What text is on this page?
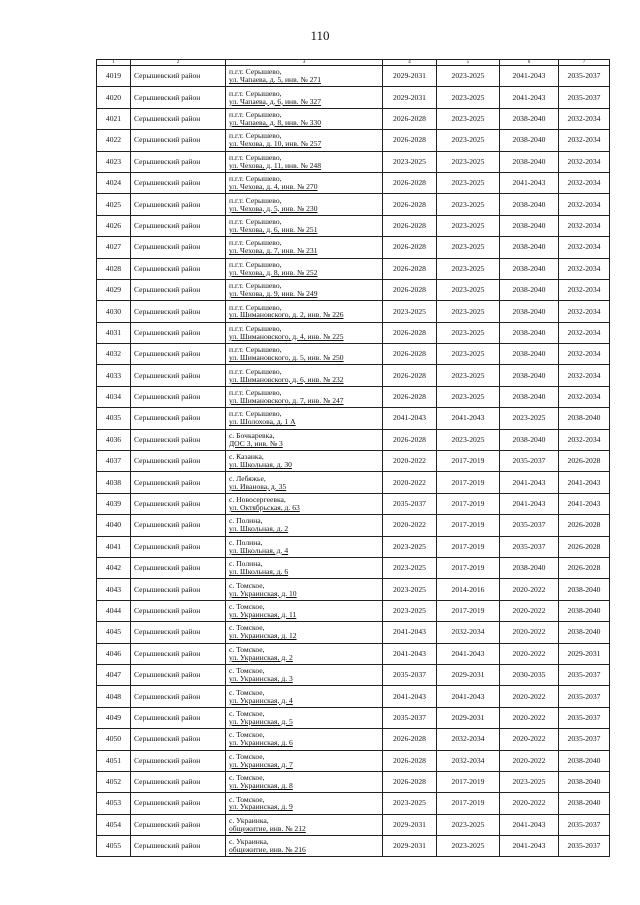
110
1	2	3	4	5	6	7
4019	Серышевский район	п.г.т. Серышево,
ул. Чапаева, д. 5, инв. № 271	2029-2031	2023-2025	2041-2043	2035-2037
4020	Серышевский район	п.г.т. Серышево,
ул. Чапаева, д. 6, инв. № 327	2029-2031	2023-2025	2041-2043	2035-2037
4021	Серышевский район	п.г.т. Серышево,
ул. Чапаева, д. 8, инв. № 330	2026-2028	2023-2025	2038-2040	2032-2034
4022	Серышевский район	п.г.т. Серышево,
ул. Чехова, д. 10, инв. № 257	2026-2028	2023-2025	2038-2040	2032-2034
4023	Серышевский район	п.г.т. Серышево,
ул. Чехова, д. 11, инв. № 248	2023-2025	2023-2025	2038-2040	2032-2034
4024	Серышевский район	п.г.т. Серышево,
ул. Чехова, д. 4, инв. № 270	2026-2028	2023-2025	2041-2043	2032-2034
4025	Серышевский район	п.г.т. Серышево,
ул. Чехова, д. 5, инв. № 230	2026-2028	2023-2025	2038-2040	2032-2034
4026	Серышевский район	п.г.т. Серышево,
ул. Чехова, д. 6, инв. № 251	2026-2028	2023-2025	2038-2040	2032-2034
4027	Серышевский район	п.г.т. Серышево,
ул. Чехова, д. 7, инв. № 231	2026-2028	2023-2025	2038-2040	2032-2034
4028	Серышевский район	п.г.т. Серышево,
ул. Чехова, д. 8, инв. № 252	2026-2028	2023-2025	2038-2040	2032-2034
4029	Серышевский район	п.г.т. Серышево,
ул. Чехова, д. 9, инв. № 249	2026-2028	2023-2025	2038-2040	2032-2034
4030	Серышевский район	п.г.т. Серышево,
ул. Шимановского, д. 2, инв. № 226	2023-2025	2023-2025	2038-2040	2032-2034
4031	Серышевский район	п.г.т. Серышево,
ул. Шимановского, д. 4, инв. № 225	2026-2028	2023-2025	2038-2040	2032-2034
4032	Серышевский район	п.г.т. Серышево,
ул. Шимановского, д. 5, инв. № 250	2026-2028	2023-2025	2038-2040	2032-2034
4033	Серышевский район	п.г.т. Серышево,
ул. Шимановского, д. 6, инв. № 232	2026-2028	2023-2025	2038-2040	2032-2034
4034	Серышевский район	п.г.т. Серышево,
ул. Шимановского, д. 7, инв. № 247	2026-2028	2023-2025	2038-2040	2032-2034
4035	Серышевский район	п.г.т. Серышево,
ул. Шолохова, д. 1 А	2041-2043	2041-2043	2023-2025	2038-2040
4036	Серышевский район	с. Бочкаревка,
ДОС 3, инв. № 3	2026-2028	2023-2025	2038-2040	2032-2034
4037	Серышевский район	с. Казанка,
ул. Школьная, д. 30	2020-2022	2017-2019	2035-2037	2026-2028
4038	Серышевский район	с. Лебяжье,
ул. Иванова, д. 35	2020-2022	2017-2019	2041-2043	2041-2043
4039	Серышевский район	с. Новосергеевка,
ул. Октябрьская, д. 63	2035-2037	2017-2019	2041-2043	2041-2043
4040	Серышевский район	с. Полина,
ул. Школьная, д. 2	2020-2022	2017-2019	2035-2037	2026-2028
4041	Серышевский район	с. Полина,
ул. Школьная, д. 4	2023-2025	2017-2019	2035-2037	2026-2028
4042	Серышевский район	с. Полина,
ул. Школьная, д. 6	2023-2025	2017-2019	2038-2040	2026-2028
4043	Серышевский район	с. Томское,
ул. Украинская, д. 10	2023-2025	2014-2016	2020-2022	2038-2040
4044	Серышевский район	с. Томское,
ул. Украинская, д. 11	2023-2025	2017-2019	2020-2022	2038-2040
4045	Серышевский район	с. Томское,
ул. Украинская, д. 12	2041-2043	2032-2034	2020-2022	2038-2040
4046	Серышевский район	с. Томское,
ул. Украинская, д. 2	2041-2043	2041-2043	2020-2022	2029-2031
4047	Серышевский район	с. Томское,
ул. Украинская, д. 3	2035-2037	2029-2031	2030-2035	2035-2037
4048	Серышевский район	с. Томское,
ул. Украинская, д. 4	2041-2043	2041-2043	2020-2022	2035-2037
4049	Серышевский район	с. Томское,
ул. Украинская, д. 5	2035-2037	2029-2031	2020-2022	2035-2037
4050	Серышевский район	с. Томское,
ул. Украинская, д. 6	2026-2028	2032-2034	2020-2022	2035-2037
4051	Серышевский район	с. Томское,
ул. Украинская, д. 7	2026-2028	2032-2034	2020-2022	2038-2040
4052	Серышевский район	с. Томское,
ул. Украинская, д. 8	2026-2028	2017-2019	2023-2025	2038-2040
4053	Серышевский район	с. Томское,
ул. Украинская, д. 9	2023-2025	2017-2019	2020-2022	2038-2040
4054	Серышевский район	с. Украинка,
общежитие, инв. № 212	2029-2031	2023-2025	2041-2043	2035-2037
4055	Серышевский район	с. Украинка,
общежитие, инв. № 216	2029-2031	2023-2025	2041-2043	2035-2037
